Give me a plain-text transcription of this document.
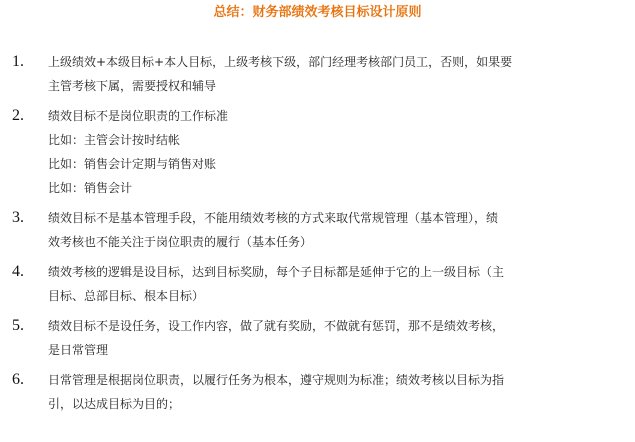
总结：财务部绩效考核目标设计原则
1.	上级绩效+本级目标+本人目标，上级考核下级，部门经理考核部门员工，否则，如果要

主管考核下属，需要授权和辅导

2.	绩效目标不是岗位职责的工作标准

比如：主管会计按时结帐

比如：销售会计定期与销售对账

比如：销售会计

3.	绩效目标不是基本管理手段，不能用绩效考核的方式来取代常规管理（基本管理），绩

效考核也不能关注于岗位职责的履行（基本任务）

4.	绩效考核的逻辑是设目标，达到目标奖励，每个子目标都是延伸于它的上一级目标（主

目标、总部目标、根本目标）

5.	绩效目标不是设任务，设工作内容，做了就有奖励，不做就有惩罚，那不是绩效考核，

是日常管理

6.	日常管理是根据岗位职责，以履行任务为根本，遵守规则为标准；绩效考核以目标为指

引，以达成目标为目的；
